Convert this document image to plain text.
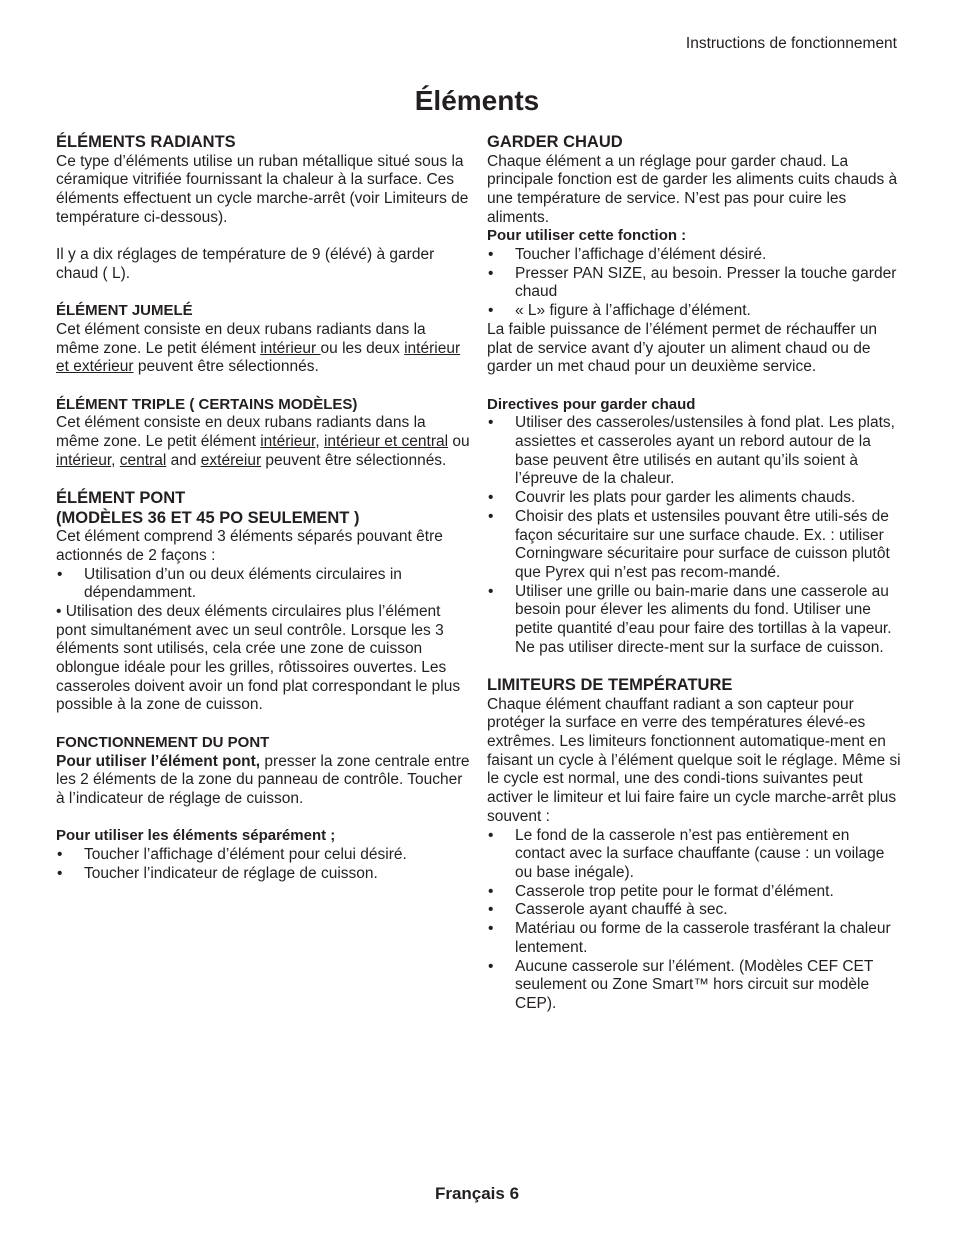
Instructions de fonctionnement
Éléments
ÉLÉMENTS RADIANTS

Ce type d’éléments utilise un ruban métallique situé sous la céramique vitrifiée fournissant la chaleur à la surface. Ces éléments effectuent un cycle marche-arrêt (voir Limiteurs de température ci-dessous).

Il y a dix réglages de température de 9 (élévé) à garder chaud ( L).

ÉLÉMENT JUMELÉ

Cet élément consiste en deux rubans radiants dans la même zone. Le petit élément intérieur ou les deux intérieur et extérieur peuvent être sélectionnés.

ÉLÉMENT TRIPLE ( CERTAINS MODÈLES)

Cet élément consiste en deux rubans radiants dans la même zone. Le petit élément intérieur, intérieur et central ou intérieur, central and extéreiur peuvent être sélectionnés.

ÉLÉMENT PONT
(MODÈLES 36 ET 45 PO SEULEMENT )

Cet élément comprend 3 éléments séparés pouvant être actionnés de 2 façons :

• Utilisation d’un ou deux éléments circulaires in dépendamment.

• Utilisation des deux éléments circulaires plus l’élément pont simultanément avec un seul contrôle. Lorsque les 3 éléments sont utilisés, cela crée une zone de cuisson oblongue idéale pour les grilles, rôtissoires ouvertes. Les casseroles doivent avoir un fond plat correspondant le plus possible à la zone de cuisson.

FONCTIONNEMENT DU PONT

Pour utiliser l’élément pont, presser la zone centrale entre les 2 éléments de la zone du panneau de contrôle. Toucher à l’indicateur de réglage de cuisson.

Pour utiliser les éléments séparément ;
• Toucher l’affichage d’élément pour celui désiré.
• Toucher l’indicateur de réglage de cuisson.
GARDER CHAUD

Chaque élément a un réglage pour garder chaud. La principale fonction est de garder les aliments cuits chauds à une température de service. N’est pas pour cuire les aliments.

Pour utiliser cette fonction :
• Toucher l’affichage d’élément désiré.
• Presser PAN SIZE, au besoin. Presser la touche garder chaud
• « L» figure à l’affichage d’élément.

La faible puissance de l’élément permet de réchauffer un plat de service avant d’y ajouter un aliment chaud ou de garder un met chaud pour un deuxième service.

Directives pour garder chaud
• Utiliser des casseroles/ustensiles à fond plat. Les plats, assiettes et casseroles ayant un rebord autour de la base peuvent être utilisés en autant qu’ils soient à l’épreuve de la chaleur.
• Couvrir les plats pour garder les aliments chauds.
• Choisir des plats et ustensiles pouvant être utili-sés de façon sécuritaire sur une surface chaude. Ex. : utiliser Corningware sécuritaire pour surface de cuisson plutôt que Pyrex qui n’est pas recom-mandé.
• Utiliser une grille ou bain-marie dans une casserole au besoin pour élever les aliments du fond. Utiliser une petite quantité d’eau pour faire des tortillas à la vapeur. Ne pas utiliser directe-ment sur la surface de cuisson.
LIMITEURS DE TEMPÉRATURE

Chaque élément chauffant radiant a son capteur pour protéger la surface en verre des températures élevé-es extrêmes. Les limiteurs fonctionnent automatique-ment en faisant un cycle à l’élément quelque soit le réglage. Même si le cycle est normal, une des condi-tions suivantes peut activer le limiteur et lui faire faire un cycle marche-arrêt plus souvent :

• Le fond de la casserole n’est pas entièrement en contact avec la surface chauffante (cause : un voilage ou base inégale).
• Casserole trop petite pour le format d’élément.
• Casserole ayant chauffé à sec.
• Matériau ou forme de la casserole trasférant la chaleur lentement.
• Aucune casserole sur l’élément. (Modèles CEF CET seulement ou Zone Smart™ hors circuit sur modèle CEP).
Français 6
